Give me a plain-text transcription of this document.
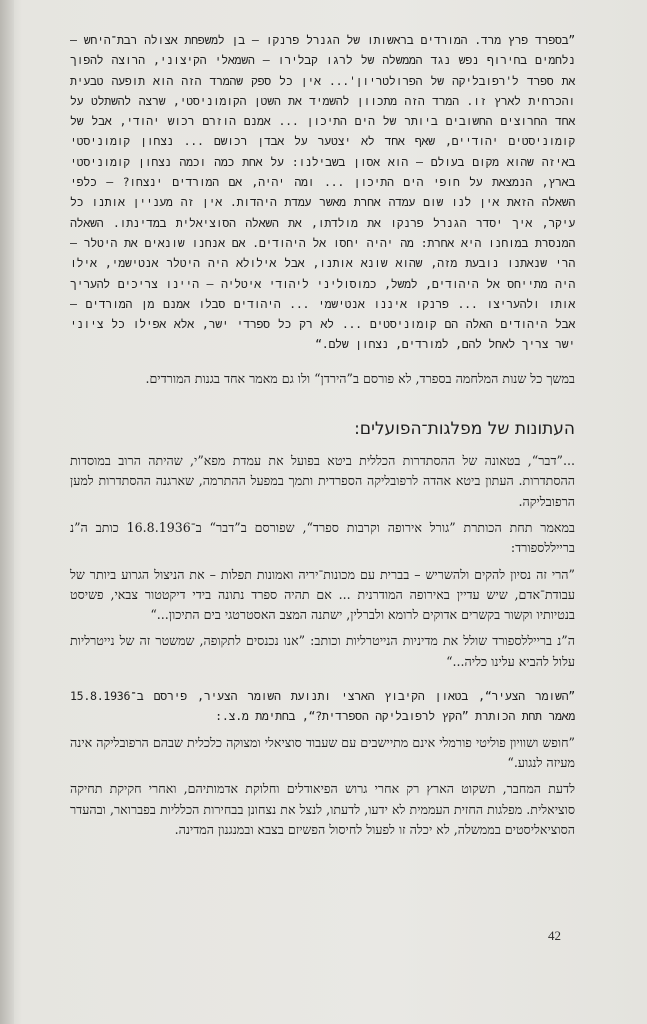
”בספרד פרץ מרד. המורדים בראשותו של הגנרל פרנקו – בן למשפחת אצולה רבת־היחש – נלחמים בחירוף נפש נגד הממשלה של לרגו קבלירו – השמאלי הקיצוני, הרוצה להפוך את ספרד ל'רפובליקה של הפרולטריון'... אין כל ספק שהמרד הזה הוא תופעה טבעית והכרחית לארץ זו. המרד הזה מתכוון להשמיד את השטן הקומוניסטי, שרצה להשתלט על אחד החרוצים החשובים ביותר של הים התיכון ... אמנם הוזרם רכוש יהודי, אבל של קומוניסטים יהודיים, שאף אחד לא יצטער על אבדן רכושם ... נצחון קומוניסטי באיזה שהוא מקום בעולם – הוא אסון בשבילנו: על אחת כמה וכמה נצחון קומוניסטי בארץ, הנמצאת על חופי הים התיכון ... ומה יהיה, אם המורדים ינצחו? – כלפי השאלה הזאת אין לנו שום עמדה אחרת מאשר עמדת היהדות. אין זה מעניין אותנו כל עיקר, איך יסדר הגנרל פרנקו את מולדתו, את השאלה הסוציאלית במדינתו. השאלה המנסרת במוחנו היא אחרת: מה יהיה יחסו אל היהודים. אם אנחנו שונאים את היטלר – הרי שנאתנו נובעת מזה, שהוא שונא אותנו, אבל אילולא היה היטלר אנטישמי, אילו היה מתייחס אל היהודים, למשל, כמוסוליני ליהודי איטליה – היינו צריכים להעריך אותו ולהעריצו ... פרנקו איננו אנטישמי ... היהודים סבלו אמנם מן המורדים – אבל היהודים האלה הם קומוניסטים ... לא רק כל ספרדי ישר, אלא אפילו כל ציוני ישר צריך לאחל להם, למורדים, נצחון שלם.“

במשך כל שנות המלחמה בספרד, לא פורסם ב”הירדן“ ולו גם מאמר אחד בגנות המורדים.

העתונות של מפלגות־הפועלים:

...”דבר“, בטאונה של ההסתדרות הכללית ביטא בפועל את עמדת מפא”י, שהיתה הרוב במוסדות ההסתדרות. העתון ביטא אהדה לרפובליקה הספרדית ותמך במפעל ההתרמה, שארגנה ההסתדרות למען הרפובליקה.

במאמר תחת הכותרת ”גורל אירופה וקרבות ספרד“, שפורסם ב”דבר“ ב־16.8.1936 כותב ה”נ ברייללספורד:

”הרי זה נסיון להקים ולהשריש – בברית עם מכונות־יריה ואמונות תפלות – את הניצול הגרוע ביותר של עבודת־אדם, שיש עדיין באירופה המודרנית ... אם תהיה ספרד נתונה בידי דיקטטור צבאי, פשיסט בנטיותיו וקשור בקשרים אדוקים לרומא ולברלין, ישתנה המצב האסטרטגי בים התיכון...“

ה”נ ברייללספורד שולל את מדיניות הנייטרליות וכותב: ”אנו נכנסים לתקופה, שמשטר זה של נייטרליות עלול להביא עלינו כליה...“

”השומר הצעיר“, בטאון הקיבוץ הארצי ותנועת השומר הצעיר, פירסם ב־15.8.1936 מאמר תחת הכותרת ”הקץ לרפובליקה הספרדית?“, בחתימת מ.צ.:

”חופש ושוויון פוליטי פורמלי אינם מתיישבים עם שעבוד סוציאלי ומצוקה כלכלית שבהם הרפובליקה אינה מעיזה לנגוע.“

לדעת המחבר, תשקוט הארץ רק אחרי גרוש הפיאודלים וחלוקת אדמותיהם, ואחרי חקיקת תחיקה סוציאלית. מפלגות החזית העממית לא ידעו, לדעתו, לנצל את נצחונן בבחירות הכלליות בפברואר, ובהעדר הסוציאליסטים בממשלה, לא יכלה זו לפעול לחיסול הפשיזם בצבא ובמנגנון המדינה.

42
